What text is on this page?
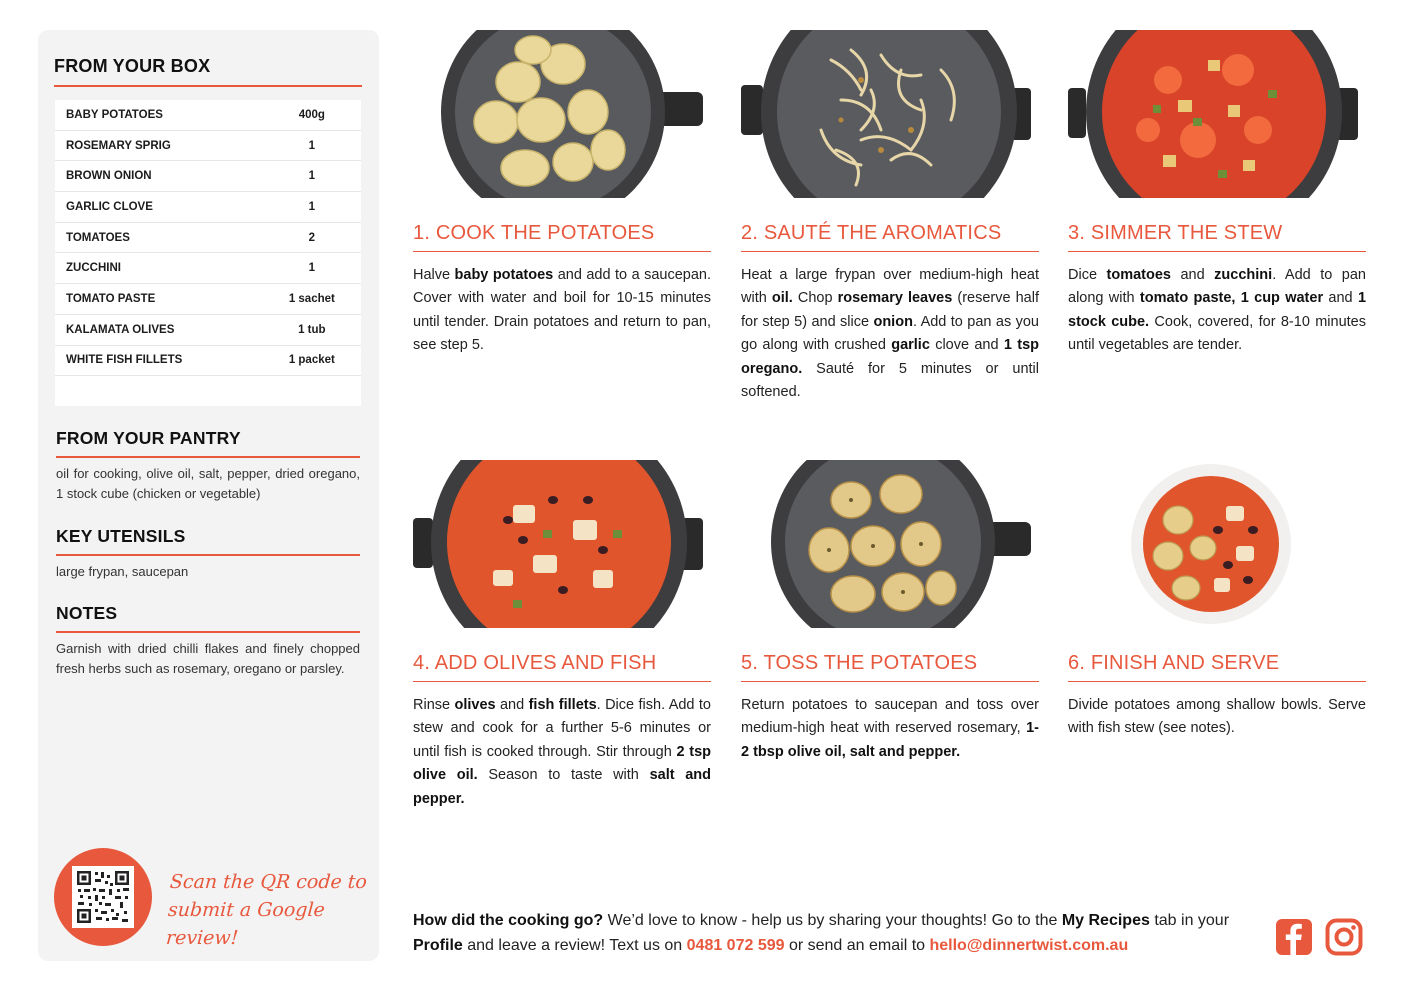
FROM YOUR BOX
BABY POTATOES	400g
ROSEMARY SPRIG	1
BROWN ONION	1
GARLIC CLOVE	1
TOMATOES	2
ZUCCHINI	1
TOMATO PASTE	1 sachet
KALAMATA OLIVES	1 tub
WHITE FISH FILLETS	1 packet
FROM YOUR PANTRY
oil for cooking, olive oil, salt, pepper, dried oregano, 1 stock cube (chicken or vegetable)
KEY UTENSILS
large frypan, saucepan
NOTES
Garnish with dried chilli flakes and finely chopped fresh herbs such as rosemary, oregano or parsley.
Scan the QR code to
submit a Google review!
1. COOK THE POTATOES
Halve baby potatoes and add to a saucepan. Cover with water and boil for 10-15 minutes until tender. Drain potatoes and return to pan, see step 5.
2. SAUTÉ THE AROMATICS
Heat a large frypan over medium-high heat with oil. Chop rosemary leaves (reserve half for step 5) and slice onion. Add to pan as you go along with crushed garlic clove and 1 tsp oregano. Sauté for 5 minutes or until softened.
3. SIMMER THE STEW
Dice tomatoes and zucchini. Add to pan along with tomato paste, 1 cup water and 1 stock cube. Cook, covered, for 8-10 minutes until vegetables are tender.
4. ADD OLIVES AND FISH
Rinse olives and fish fillets. Dice fish. Add to stew and cook for a further 5-6 minutes or until fish is cooked through. Stir through 2 tsp olive oil. Season to taste with salt and pepper.
5. TOSS THE POTATOES
Return potatoes to saucepan and toss over medium-high heat with reserved rosemary, 1-2 tbsp olive oil, salt and pepper.
6. FINISH AND SERVE
Divide potatoes among shallow bowls. Serve with fish stew (see notes).
How did the cooking go? We’d love to know - help us by sharing your thoughts! Go to the My Recipes tab in your Profile and leave a review! Text us on 0481 072 599 or send an email to hello@dinnertwist.com.au
